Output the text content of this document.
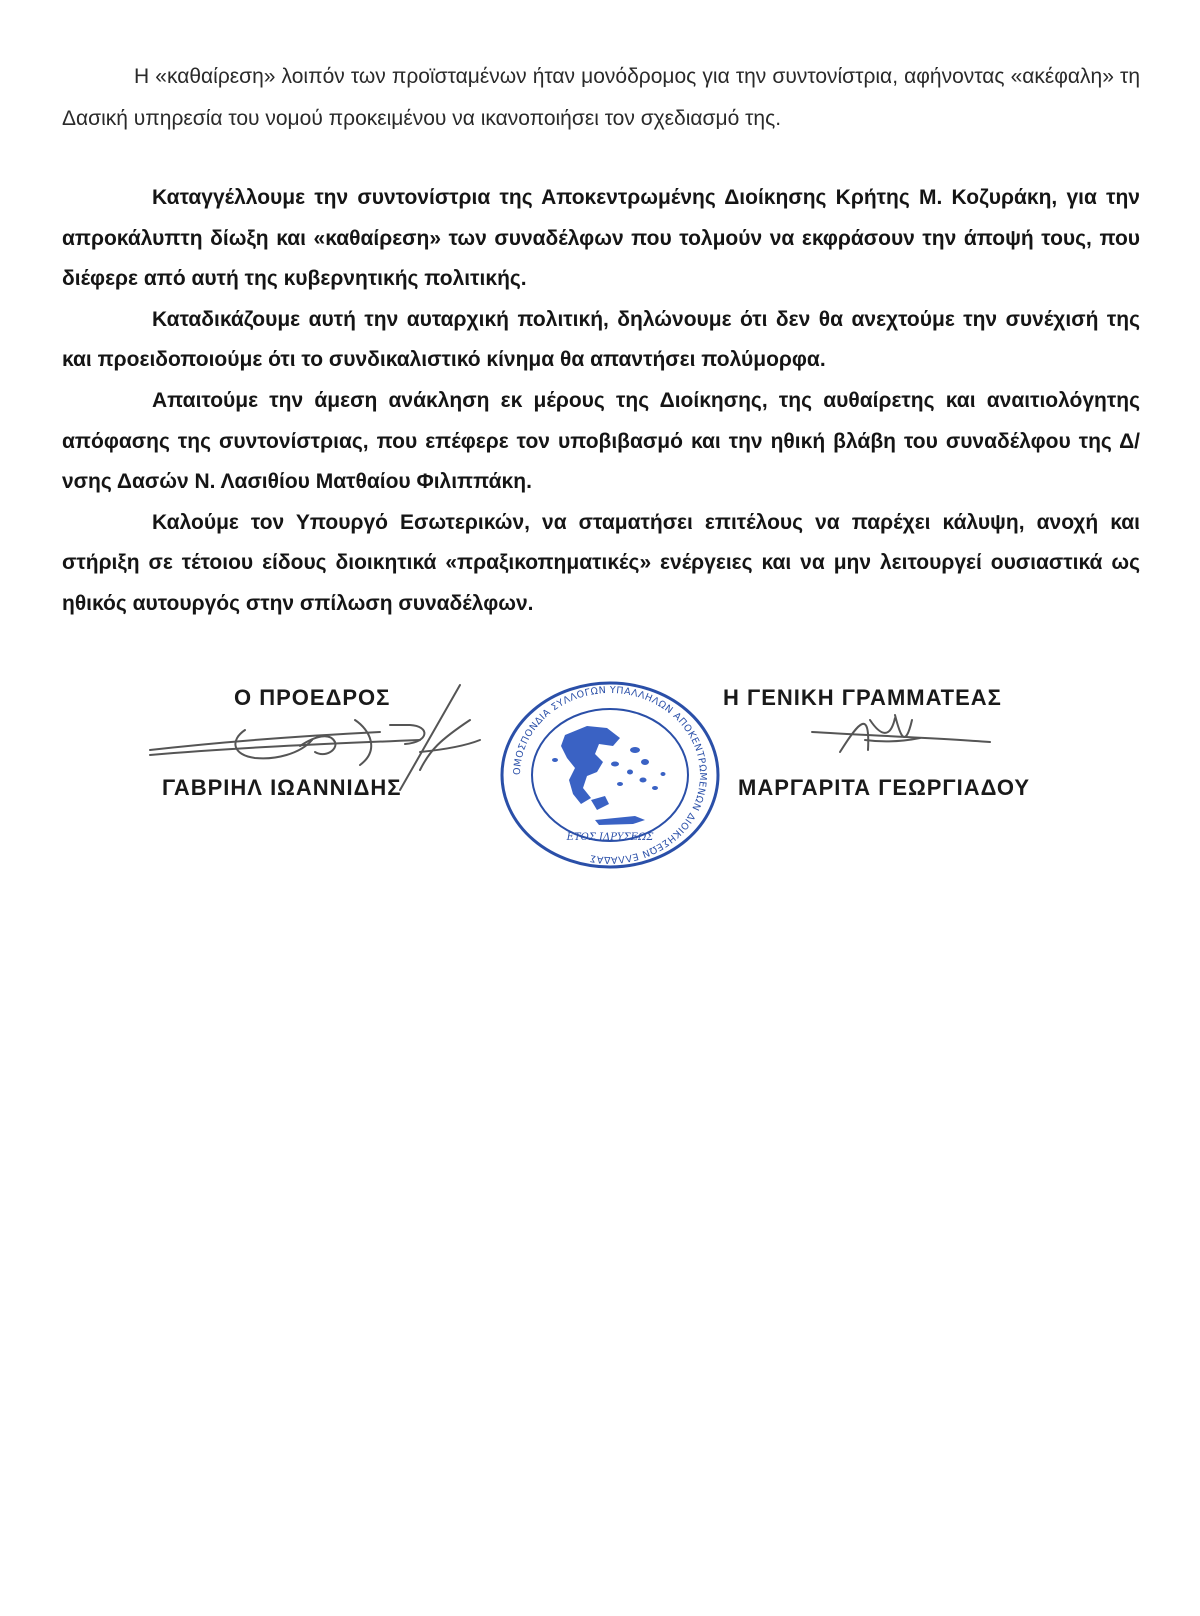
Η «καθαίρεση» λοιπόν των προϊσταμένων ήταν μονόδρομος για την συντονίστρια, αφήνοντας «ακέφαλη» τη Δασική υπηρεσία του νομού προκειμένου να ικανοποιήσει τον σχεδιασμό της.

Καταγγέλλουμε την συντονίστρια της Αποκεντρωμένης Διοίκησης Κρήτης Μ. Κοζυράκη, για την απροκάλυπτη δίωξη και «καθαίρεση» των συναδέλφων που τολμούν να εκφράσουν την άποψή τους, που διέφερε από αυτή της κυβερνητικής πολιτικής.

Καταδικάζουμε αυτή την αυταρχική πολιτική, δηλώνουμε ότι δεν θα ανεχτούμε την συνέχισή της και προειδοποιούμε ότι το συνδικαλιστικό κίνημα θα απαντήσει πολύμορφα.

Απαιτούμε την άμεση ανάκληση εκ μέρους της Διοίκησης, της αυθαίρετης και αναιτιολόγητης απόφασης της συντονίστριας, που επέφερε τον υποβιβασμό και την ηθική βλάβη του συναδέλφου της Δ/νσης Δασών Ν. Λασιθίου Ματθαίου Φιλιππάκη.

Καλούμε τον Υπουργό Εσωτερικών, να σταματήσει επιτέλους να παρέχει κάλυψη, ανοχή και στήριξη σε τέτοιου είδους διοικητικά «πραξικοπηματικές» ενέργειες και να μην λειτουργεί ουσιαστικά ως ηθικός αυτουργός στην σπίλωση συναδέλφων.

Ο ΠΡΟΕΔΡΟΣ
ΓΑΒΡΙΗΛ ΙΩΑΝΝΙΔΗΣ
Η ΓΕΝΙΚΗ ΓΡΑΜΜΑΤΕΑΣ
ΜΑΡΓΑΡΙΤΑ ΓΕΩΡΓΙΑΔΟΥ
ΟΜΟΣΠΟΝΔΙΑ ΣΥΛΛΟΓΩΝ ΥΠΑΛΛΗΛΩΝ ΑΠΟΚΕΝΤΡΩΜΕΝΩΝ ΔΙΟΙΚΗΣΕΩΝ ΕΛΛΑΔΑΣ
ΕΤΟΣ ΙΔΡΥΣΕΩΣ
